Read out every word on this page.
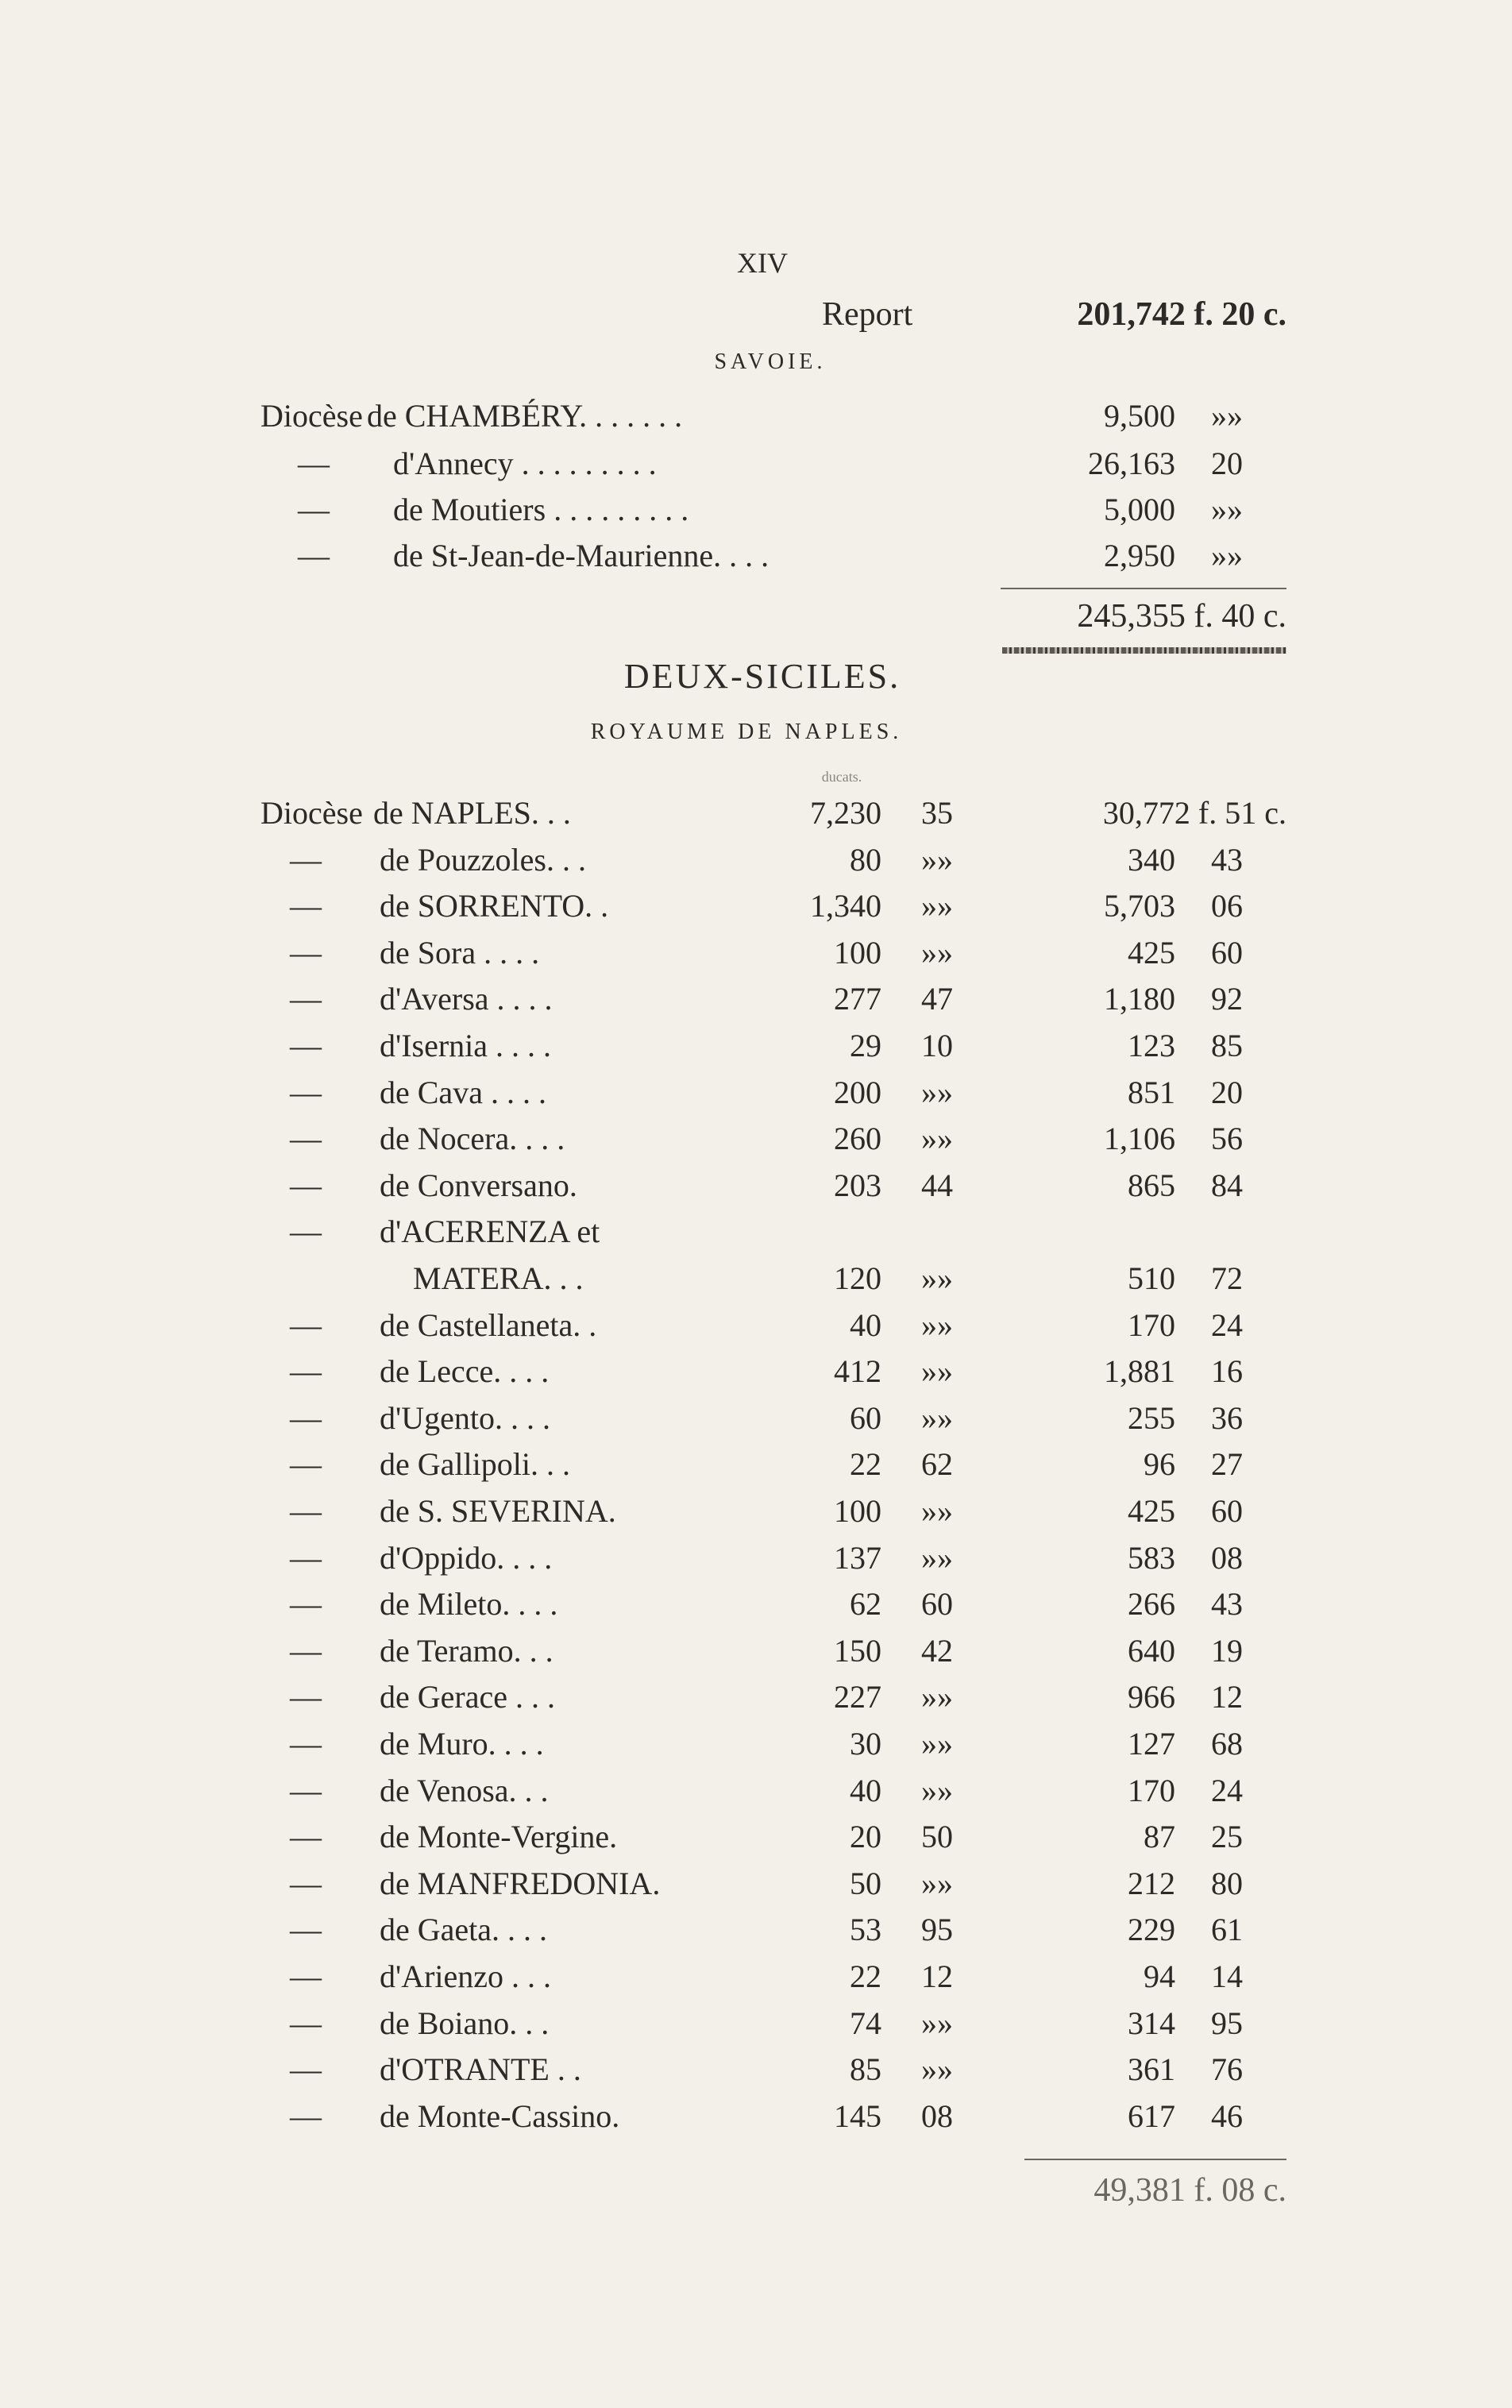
XIV
Report	201,742 f. 20 c.
SAVOIE.
Diocèse de CHAMBÉRY. . . . . . .	9,500	»»
— d'Annecy . . . . . . . . .	26,163	20
— de Moutiers . . . . . . . . .	5,000	»»
— de St-Jean-de-Maurienne. . . .	2,950	»»
245,355 f. 40 c.
DEUX-SICILES.
ROYAUME DE NAPLES.
ducats.
Diocèse de NAPLES. . .	7,230	35	30,772 f. 51 c.
— de Pouzzoles. . .	80	»»	340	43
— de SORRENTO. .	1,340	»»	5,703	06
— de Sora . . . .	100	»»	425	60
— d'Aversa . . . .	277	47	1,180	92
— d'Isernia . . . .	29	10	123	85
— de Cava . . . .	200	»»	851	20
— de Nocera. . . .	260	»»	1,106	56
— de Conversano.	203	44	865	84
— d'ACERENZA et
MATERA. . .	120	»»	510	72
— de Castellaneta. .	40	»»	170	24
— de Lecce. . . .	412	»»	1,881	16
— d'Ugento. . . .	60	»»	255	36
— de Gallipoli. . .	22	62	96	27
— de S. SEVERINA.	100	»»	425	60
— d'Oppido. . . .	137	»»	583	08
— de Mileto. . . .	62	60	266	43
— de Teramo. . .	150	42	640	19
— de Gerace . . .	227	»»	966	12
— de Muro. . . .	30	»»	127	68
— de Venosa. . .	40	»»	170	24
— de Monte-Vergine.	20	50	87	25
— de MANFREDONIA.	50	»»	212	80
— de Gaeta. . . .	53	95	229	61
— d'Arienzo . . .	22	12	94	14
— de Boiano. . .	74	»»	314	95
— d'OTRANTE . .	85	»»	361	76
— de Monte-Cassino.	145	08	617	46
49,381 f. 08 c.
